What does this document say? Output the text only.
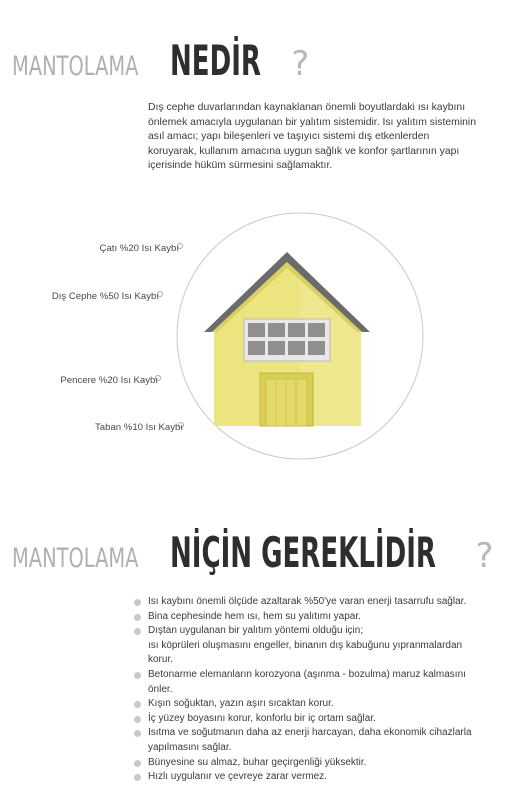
MANTOLAMA NEDİR ?
Dış cephe duvarlarından kaynaklanan önemli boyutlardaki ısı kaybını önlemek amacıyla uygulanan bir yalıtım sistemidir. Isı yalıtım sisteminin asıl amacı; yapı bileşenleri ve taşıyıcı sistemi dış etkenlerden koruyarak, kullanım amacına uygun sağlık ve konfor şartlarının yapı içerisinde hüküm sürmesini sağlamaktır.
Çatı %20 Isı Kaybı
Dış Cephe %50 Isı Kaybı
Pencere %20 Isı Kaybı
Taban %10 Isı Kaybı
MANTOLAMA NİÇİN GEREKLİDİR ?
Isı kaybını önemli ölçüde azaltarak %50'ye varan enerji tasarrufu sağlar.
Bina cephesinde hem ısı, hem su yalıtımı yapar.
Dıştan uygulanan bir yalıtım yöntemi olduğu için;
ısı köprüleri oluşmasını engeller, binanın dış kabuğunu yıpranmalardan korur.
Betonarme elemanların korozyona (aşınma - bozulma) maruz kalmasını önler.
Kışın soğuktan, yazın aşırı sıcaktan korur.
İç yüzey boyasını korur, konforlu bir iç ortam sağlar.
Isıtma ve soğutmanın daha az enerji harcayan, daha ekonomik cihazlarla
yapılmasını sağlar.
Bünyesine su almaz, buhar geçirgenliği yüksektir.
Hızlı uygulanır ve çevreye zarar vermez.
